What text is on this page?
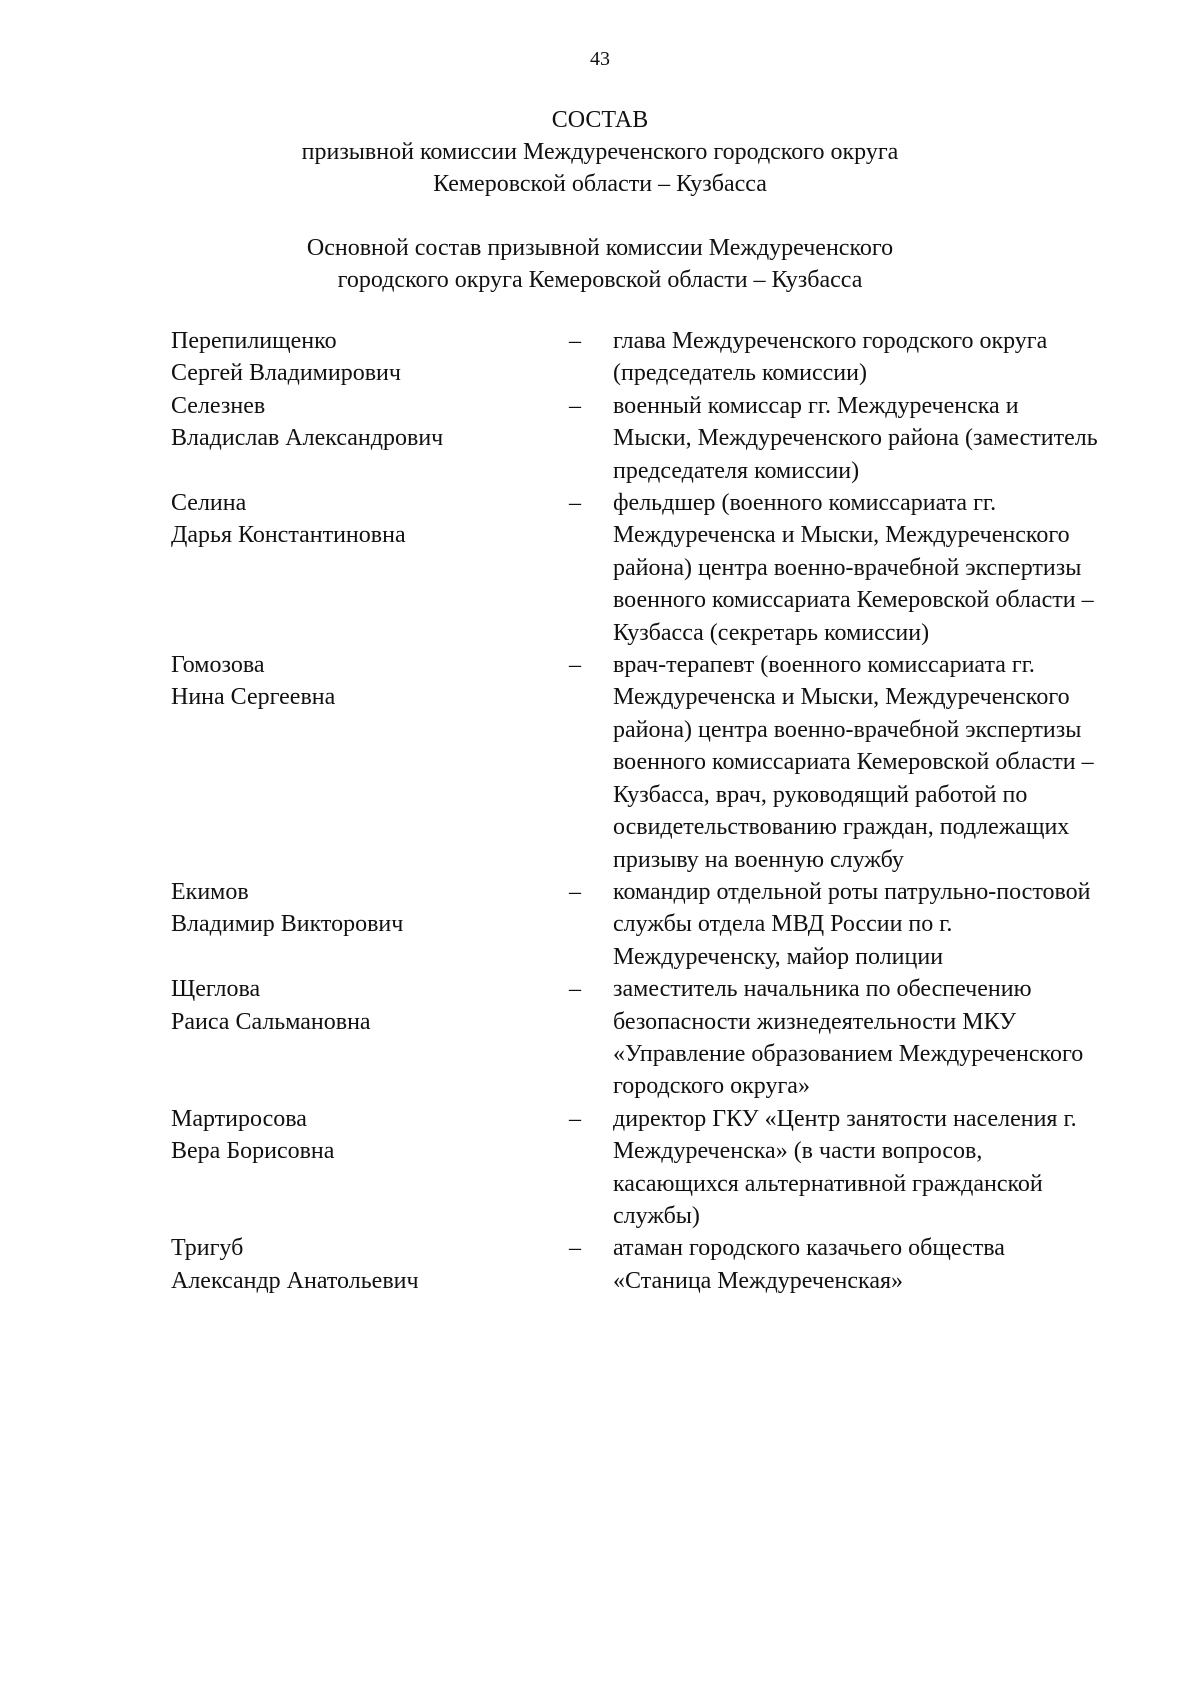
43
СОСТАВ
призывной комиссии Междуреченского городского округа
Кемеровской области – Кузбасса
Основной состав призывной комиссии Междуреченского
городского округа Кемеровской области – Кузбасса
Перепилищенко
Сергей Владимирович
–	глава Междуреченского городского округа (председатель комиссии)
Селезнев
Владислав Александрович
–	военный комиссар гг. Междуреченска и Мыски, Междуреченского района (заместитель председателя комиссии)
Селина
Дарья Константиновна
–	фельдшер (военного комиссариата гг. Междуреченска и Мыски, Междуреченского района) центра военно-врачебной экспертизы военного комиссариата Кемеровской области – Кузбасса (секретарь комиссии)
Гомозова
Нина Сергеевна
–	врач-терапевт (военного комиссариата гг. Междуреченска и Мыски, Междуреченского района) центра военно-врачебной экспертизы военного комиссариата Кемеровской области – Кузбасса, врач, руководящий работой по освидетельствованию граждан, подлежащих призыву на военную службу
Екимов
Владимир Викторович
–	командир отдельной роты патрульно-постовой службы отдела МВД России по г. Междуреченску, майор полиции
Щеглова
Раиса Сальмановна
–	заместитель начальника по обеспечению безопасности жизнедеятельности МКУ «Управление образованием Междуреченского городского округа»
Мартиросова
Вера Борисовна
–	директор ГКУ «Центр занятости населения г. Междуреченска» (в части вопросов, касающихся альтернативной гражданской службы)
Тригуб
Александр Анатольевич
–	атаман городского казачьего общества «Станица Междуреченская»
